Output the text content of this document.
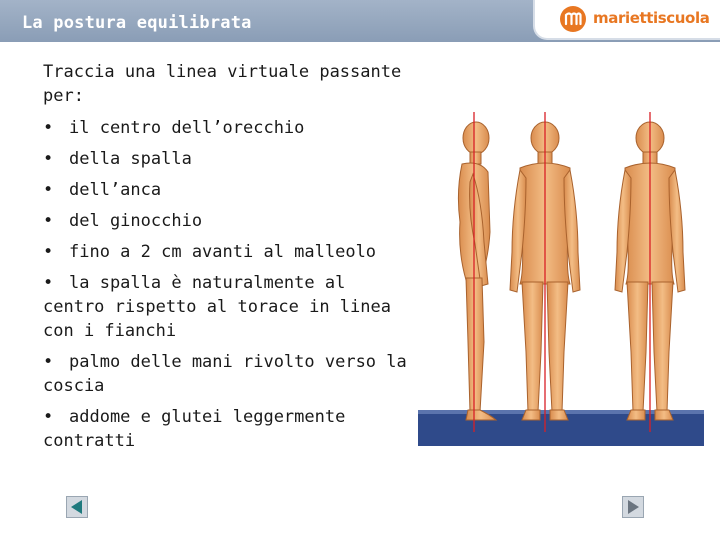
La postura equilibrata	mariettiscuola

Traccia una linea virtuale passante per:

• il centro dell’orecchio
• della spalla
• dell’anca
• del ginocchio
• fino a 2 cm avanti al malleolo
• la spalla è naturalmente al centro rispetto al torace in linea con i fianchi
• palmo delle mani rivolto verso la coscia
• addome e glutei leggermente contratti
